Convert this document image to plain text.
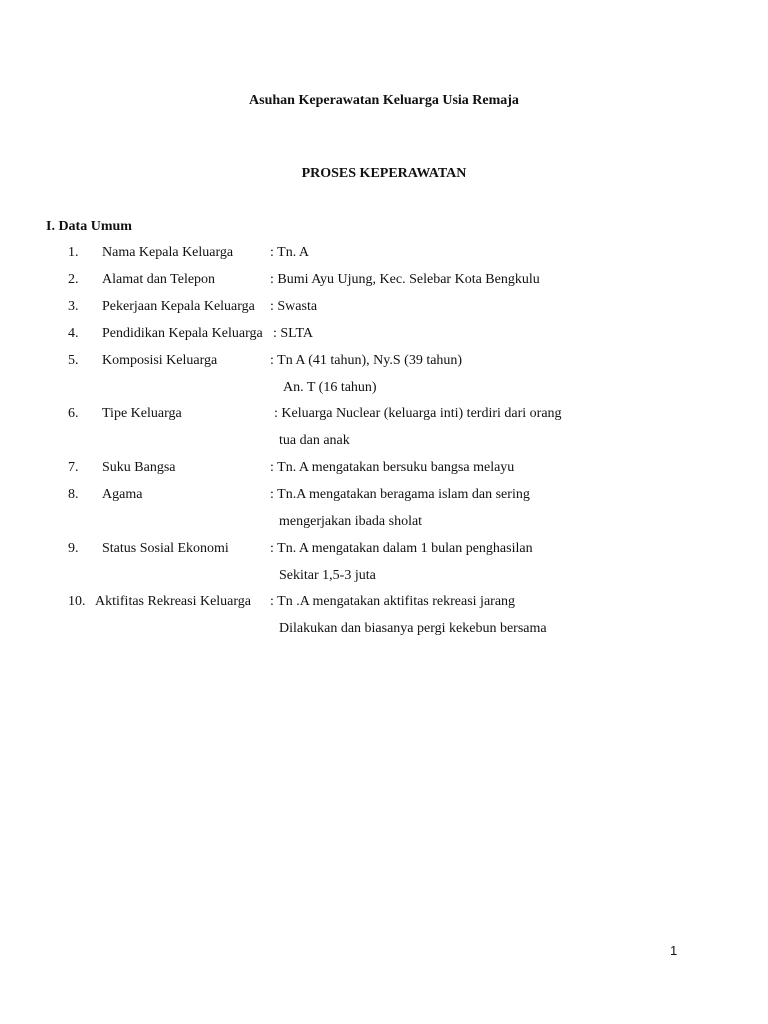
Asuhan Keperawatan Keluarga Usia Remaja
PROSES KEPERAWATAN
I. Data Umum
1. Nama Kepala Keluarga	: Tn. A
2. Alamat dan Telepon	: Bumi Ayu Ujung, Kec. Selebar Kota Bengkulu
3. Pekerjaan Kepala Keluarga : Swasta
4. Pendidikan Kepala Keluarga : SLTA
5. Komposisi Keluarga	: Tn A (41 tahun), Ny.S (39 tahun)
An. T (16 tahun)
6. Tipe Keluarga	: Keluarga Nuclear (keluarga inti) terdiri dari orang
tua dan anak
7. Suku Bangsa	: Tn. A mengatakan bersuku bangsa melayu
8. Agama	: Tn.A mengatakan beragama islam dan sering
mengerjakan ibada sholat
9. Status Sosial Ekonomi	: Tn. A mengatakan dalam 1 bulan penghasilan
Sekitar 1,5-3 juta
10. Aktifitas Rekreasi Keluarga : Tn .A mengatakan aktifitas rekreasi jarang
Dilakukan dan biasanya pergi kekebun bersama
1
